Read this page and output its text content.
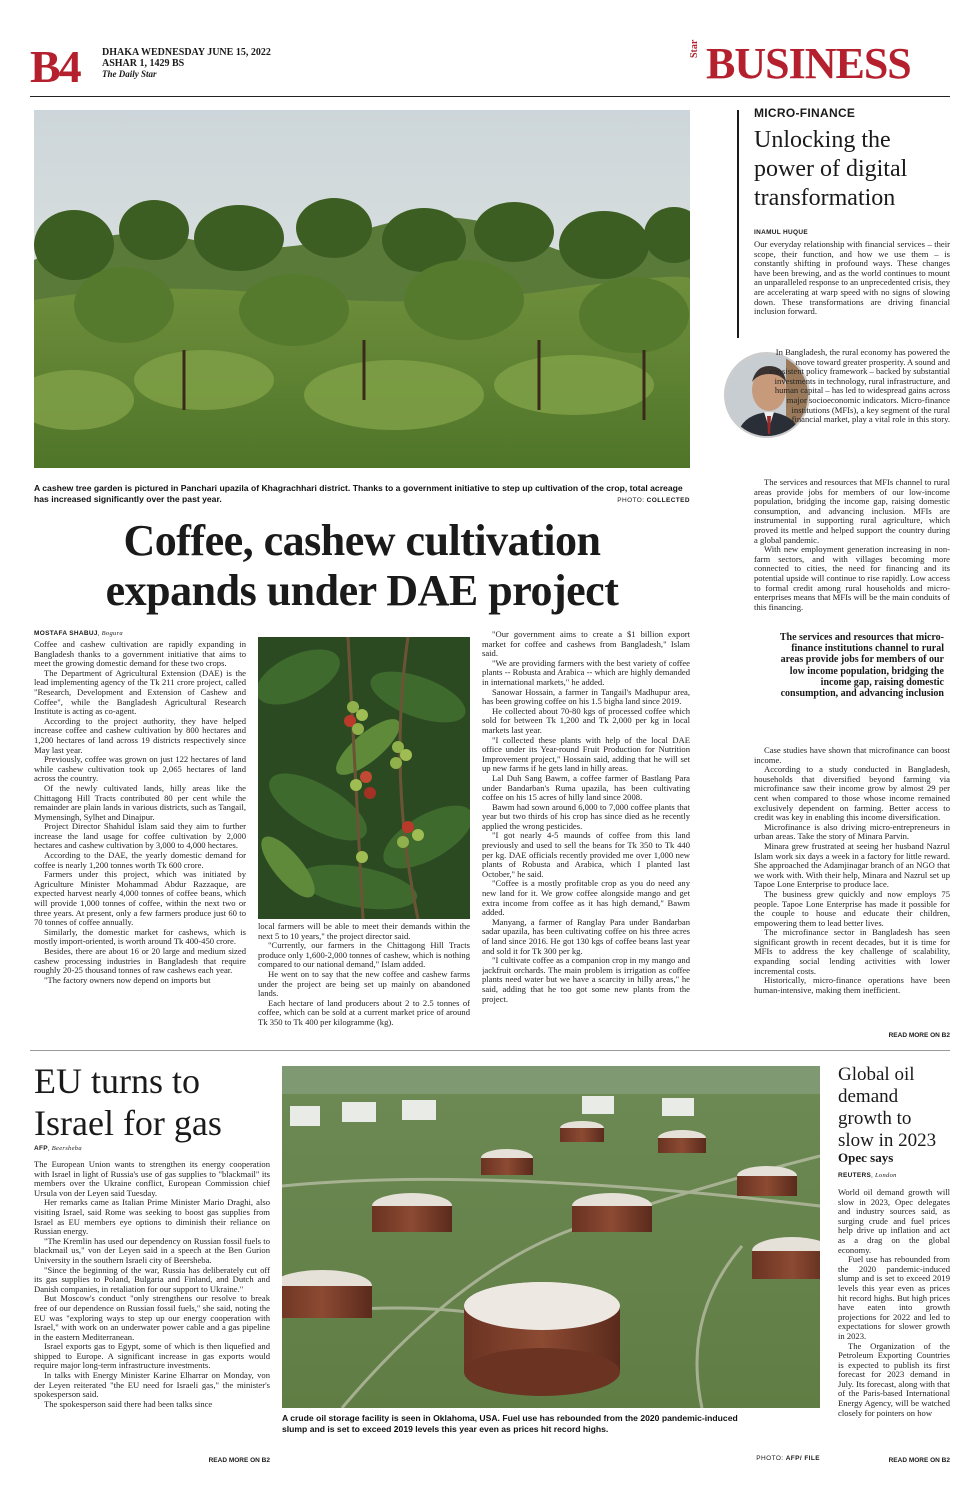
B4 DHAKA WEDNESDAY JUNE 15, 2022
ASHAR 1, 1429 BS
The Daily Star
Star BUSINESS
A cashew tree garden is pictured in Panchari upazila of Khagrachhari district. Thanks to a government initiative to step up cultivation of the crop, total acreage has increased significantly over the past year.	PHOTO: COLLECTED
Coffee, cashew cultivation
expands under DAE project
MOSTAFA SHABUJ, Bogura

Coffee and cashew cultivation are rapidly expanding in Bangladesh thanks to a government initiative that aims to meet the growing domestic demand for these two crops.

The Department of Agricultural Extension (DAE) is the lead implementing agency of the Tk 211 crore project, called "Research, Development and Extension of Cashew and Coffee", while the Bangladesh Agricultural Research Institute is acting as co-agent.

According to the project authority, they have helped increase coffee and cashew cultivation by 800 hectares and 1,200 hectares of land across 19 districts respectively since May last year.

Previously, coffee was grown on just 122 hectares of land while cashew cultivation took up 2,065 hectares of land across the country.

Of the newly cultivated lands, hilly areas like the Chittagong Hill Tracts contributed 80 per cent while the remainder are plain lands in various districts, such as Tangail, Mymensingh, Sylhet and Dinajpur.

Project Director Shahidul Islam said they aim to further increase the land usage for coffee cultivation by 2,000 hectares and cashew cultivation by 3,000 to 4,000 hectares.

According to the DAE, the yearly domestic demand for coffee is nearly 1,200 tonnes worth Tk 600 crore.

Farmers under this project, which was initiated by Agriculture Minister Mohammad Abdur Razzaque, are expected harvest nearly 4,000 tonnes of coffee beans, which will provide 1,000 tonnes of coffee, within the next two or three years. At present, only a few farmers produce just 60 to 70 tonnes of coffee annually.

Similarly, the domestic market for cashews, which is mostly import-oriented, is worth around Tk 400-450 crore.

Besides, there are about 16 or 20 large and medium sized cashew processing industries in Bangladesh that require roughly 20-25 thousand tonnes of raw cashews each year.

"The factory owners now depend on imports but

local farmers will be able to meet their demands within the next 5 to 10 years," the project director said.

"Currently, our farmers in the Chittagong Hill Tracts produce only 1,600-2,000 tonnes of cashew, which is nothing compared to our national demand," Islam added.

He went on to say that the new coffee and cashew farms under the project are being set up mainly on abandoned lands.

Each hectare of land producers about 2 to 2.5 tonnes of coffee, which can be sold at a current market price of around Tk 350 to Tk 400 per kilogramme (kg).

"Our government aims to create a $1 billion export market for coffee and cashews from Bangladesh," Islam said.

"We are providing farmers with the best variety of coffee plants -- Robusta and Arabica -- which are highly demanded in international markets," he added.

Sanowar Hossain, a farmer in Tangail's Madhupur area, has been growing coffee on his 1.5 bigha land since 2019.

He collected about 70-80 kgs of processed coffee which sold for between Tk 1,200 and Tk 2,000 per kg in local markets last year.

"I collected these plants with help of the local DAE office under its Year-round Fruit Production for Nutrition Improvement project," Hossain said, adding that he will set up new farms if he gets land in hilly areas.

Lal Duh Sang Bawm, a coffee farmer of Bastlang Para under Bandarban's Ruma upazila, has been cultivating coffee on his 15 acres of hilly land since 2008.

Bawm had sown around 6,000 to 7,000 coffee plants that year but two thirds of his crop has since died as he recently applied the wrong pesticides.

"I got nearly 4-5 maunds of coffee from this land previously and used to sell the beans for Tk 350 to Tk 440 per kg. DAE officials recently provided me over 1,000 new plants of Robusta and Arabica, which I planted last October," he said.

"Coffee is a mostly profitable crop as you do need any new land for it. We grow coffee alongside mango and get extra income from coffee as it has high demand," Bawm added.

Manyang, a farmer of Ranglay Para under Bandarban sadar upazila, has been cultivating coffee on his three acres of land since 2016. He got 130 kgs of coffee beans last year and sold it for Tk 300 per kg.

"I cultivate coffee as a companion crop in my mango and jackfruit orchards. The main problem is irrigation as coffee plants need water but we have a scarcity in hilly areas," he said, adding that he too got some new plants from the project.

MICRO-FINANCE
Unlocking the
power of digital
transformation
INAMUL HUQUE

Our everyday relationship with financial services – their scope, their function, and how we use them – is constantly shifting in profound ways. These changes have been brewing, and as the world continues to mount an unparalleled response to an unprecedented crisis, they are accelerating at warp speed with no signs of slowing down. These transformations are driving financial inclusion forward.

In Bangladesh, the rural economy has powered the move toward greater prosperity. A sound and consistent policy framework – backed by substantial investments in technology, rural infrastructure, and human capital – has led to widespread gains across major socioeconomic indicators. Micro-finance institutions (MFIs), a key segment of the rural financial market, play a vital role in this story.

The services and resources that MFIs channel to rural areas provide jobs for members of our low-income population, bridging the income gap, raising domestic consumption, and advancing inclusion. MFIs are instrumental in supporting rural agriculture, which proved its mettle and helped support the country during a global pandemic.

With new employment generation increasing in non-farm sectors, and with villages becoming more connected to cities, the need for financing and its potential upside will continue to rise rapidly. Low access to formal credit among rural households and micro-enterprises means that MFIs will be the main conduits of this financing.

The services and resources that micro-finance institutions channel to rural areas provide jobs for members of our low income population, bridging the income gap, raising domestic consumption, and advancing inclusion

Case studies have shown that microfinance can boost income.

According to a study conducted in Bangladesh, households that diversified beyond farming via microfinance saw their income grow by almost 29 per cent when compared to those whose income remained exclusively dependent on farming. Better access to credit was key in enabling this income diversification.

Microfinance is also driving micro-entrepreneurs in urban areas. Take the story of Minara Parvin.

Minara grew frustrated at seeing her husband Nazrul Islam work six days a week in a factory for little reward. She approached the Adamjinagar branch of an NGO that we work with. With their help, Minara and Nazrul set up Tapoe Lone Enterprise to produce lace.

The business grew quickly and now employs 75 people. Tapoe Lone Enterprise has made it possible for the couple to house and educate their children, empowering them to lead better lives.

The microfinance sector in Bangladesh has seen significant growth in recent decades, but it is time for MFIs to address the key challenge of scalability, expanding social lending activities with lower incremental costs.

Historically, micro-finance operations have been human-intensive, making them inefficient.

READ MORE ON B2
EU turns to
Israel for gas
AFP, Beersheba

The European Union wants to strengthen its energy cooperation with Israel in light of Russia's use of gas supplies to "blackmail" its members over the Ukraine conflict, European Commission chief Ursula von der Leyen said Tuesday.

Her remarks came as Italian Prime Minister Mario Draghi, also visiting Israel, said Rome was seeking to boost gas supplies from Israel as EU members eye options to diminish their reliance on Russian energy.

"The Kremlin has used our dependency on Russian fossil fuels to blackmail us," von der Leyen said in a speech at the Ben Gurion University in the southern Israeli city of Beersheba.

"Since the beginning of the war, Russia has deliberately cut off its gas supplies to Poland, Bulgaria and Finland, and Dutch and Danish companies, in retaliation for our support to Ukraine."

But Moscow's conduct "only strengthens our resolve to break free of our dependence on Russian fossil fuels," she said, noting the EU was "exploring ways to step up our energy cooperation with Israel," with work on an underwater power cable and a gas pipeline in the eastern Mediterranean.

Israel exports gas to Egypt, some of which is then liquefied and shipped to Europe. A significant increase in gas exports would require major long-term infrastructure investments.

In talks with Energy Minister Karine Elharrar on Monday, von der Leyen reiterated "the EU need for Israeli gas," the minister's spokesperson said.

The spokesperson said there had been talks since

READ MORE ON B2
A crude oil storage facility is seen in Oklahoma, USA. Fuel use has rebounded from the 2020 pandemic-induced slump and is set to exceed 2019 levels this year even as prices hit record highs.
PHOTO: AFP/ FILE
Global oil
demand
growth to
slow in 2023
Opec says
REUTERS, London

World oil demand growth will slow in 2023, Opec delegates and industry sources said, as surging crude and fuel prices help drive up inflation and act as a drag on the global economy.

Fuel use has rebounded from the 2020 pandemic-induced slump and is set to exceed 2019 levels this year even as prices hit record highs. But high prices have eaten into growth projections for 2022 and led to expectations for slower growth in 2023.

The Organization of the Petroleum Exporting Countries is expected to publish its first forecast for 2023 demand in July. Its forecast, along with that of the Paris-based International Energy Agency, will be watched closely for pointers on how

READ MORE ON B2
